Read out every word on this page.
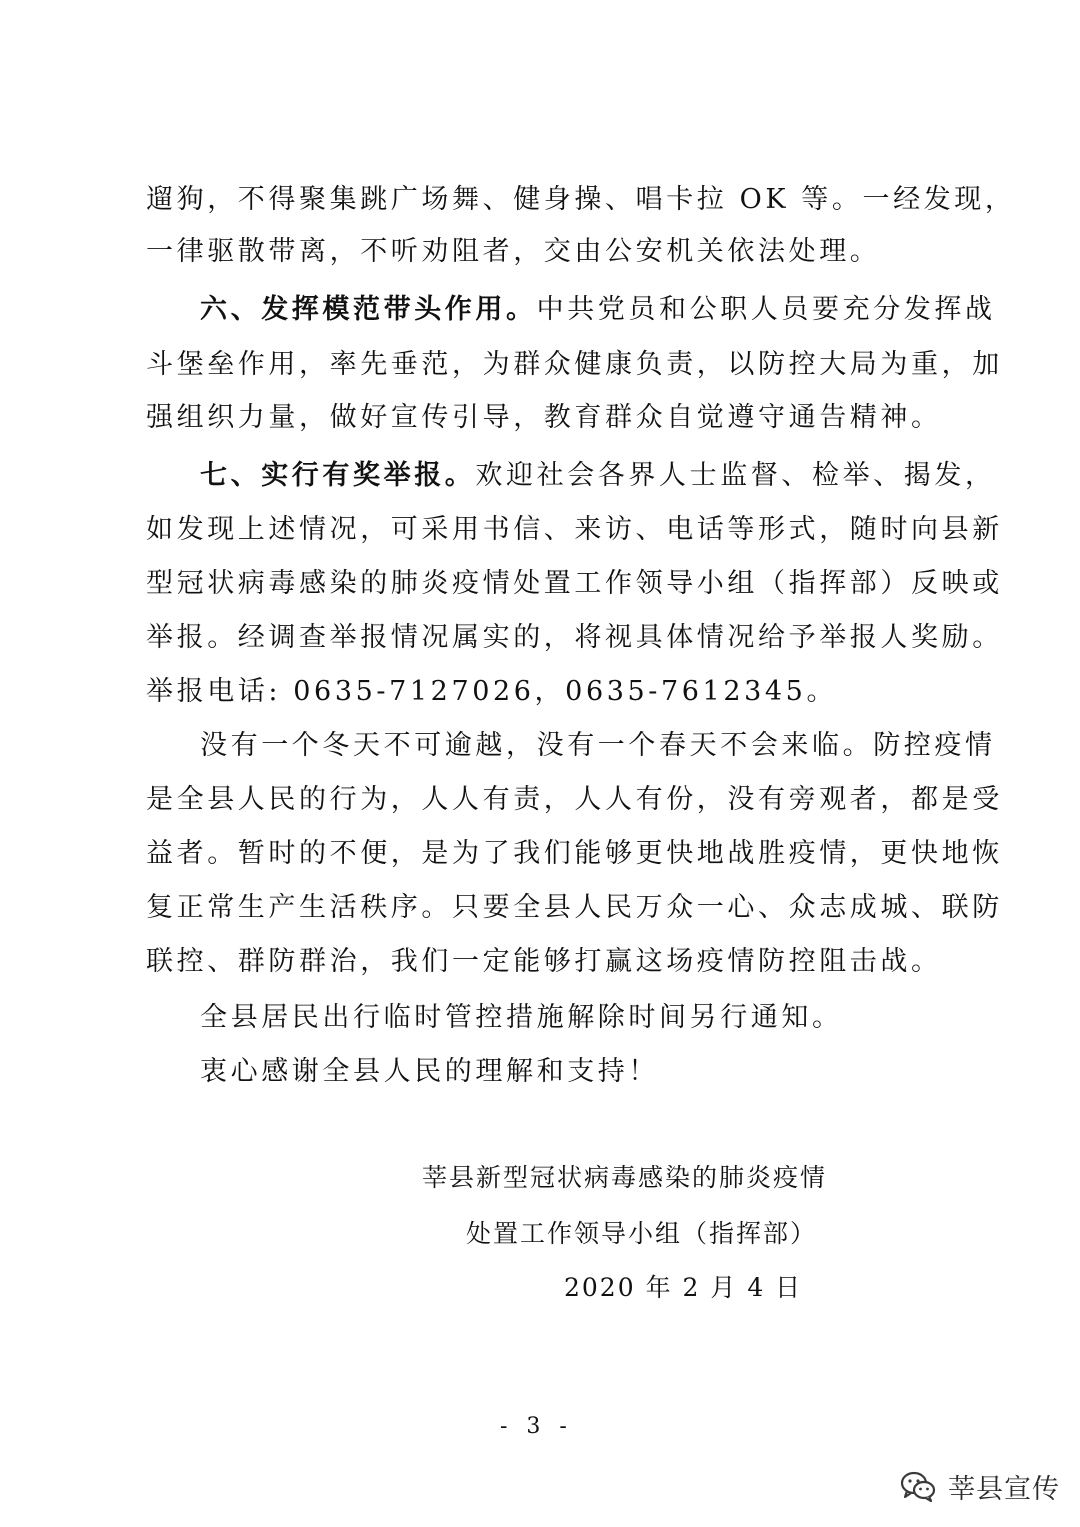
遛狗，不得聚集跳广场舞、健身操、唱卡拉 OK 等。一经发现，
一律驱散带离，不听劝阻者，交由公安机关依法处理。
六、发挥模范带头作用。中共党员和公职人员要充分发挥战
斗堡垒作用，率先垂范，为群众健康负责，以防控大局为重，加
强组织力量，做好宣传引导，教育群众自觉遵守通告精神。
七、实行有奖举报。欢迎社会各界人士监督、检举、揭发，
如发现上述情况，可采用书信、来访、电话等形式，随时向县新
型冠状病毒感染的肺炎疫情处置工作领导小组（指挥部）反映或
举报。经调查举报情况属实的，将视具体情况给予举报人奖励。
举报电话: 0635-7127026，0635-7612345。
没有一个冬天不可逾越，没有一个春天不会来临。防控疫情
是全县人民的行为，人人有责，人人有份，没有旁观者，都是受
益者。暂时的不便，是为了我们能够更快地战胜疫情，更快地恢
复正常生产生活秩序。只要全县人民万众一心、众志成城、联防
联控、群防群治，我们一定能够打赢这场疫情防控阻击战。
全县居民出行临时管控措施解除时间另行通知。
衷心感谢全县人民的理解和支持！
莘县新型冠状病毒感染的肺炎疫情
处置工作领导小组（指挥部）
2020 年 2 月 4 日
- 3 -
莘县宣传
